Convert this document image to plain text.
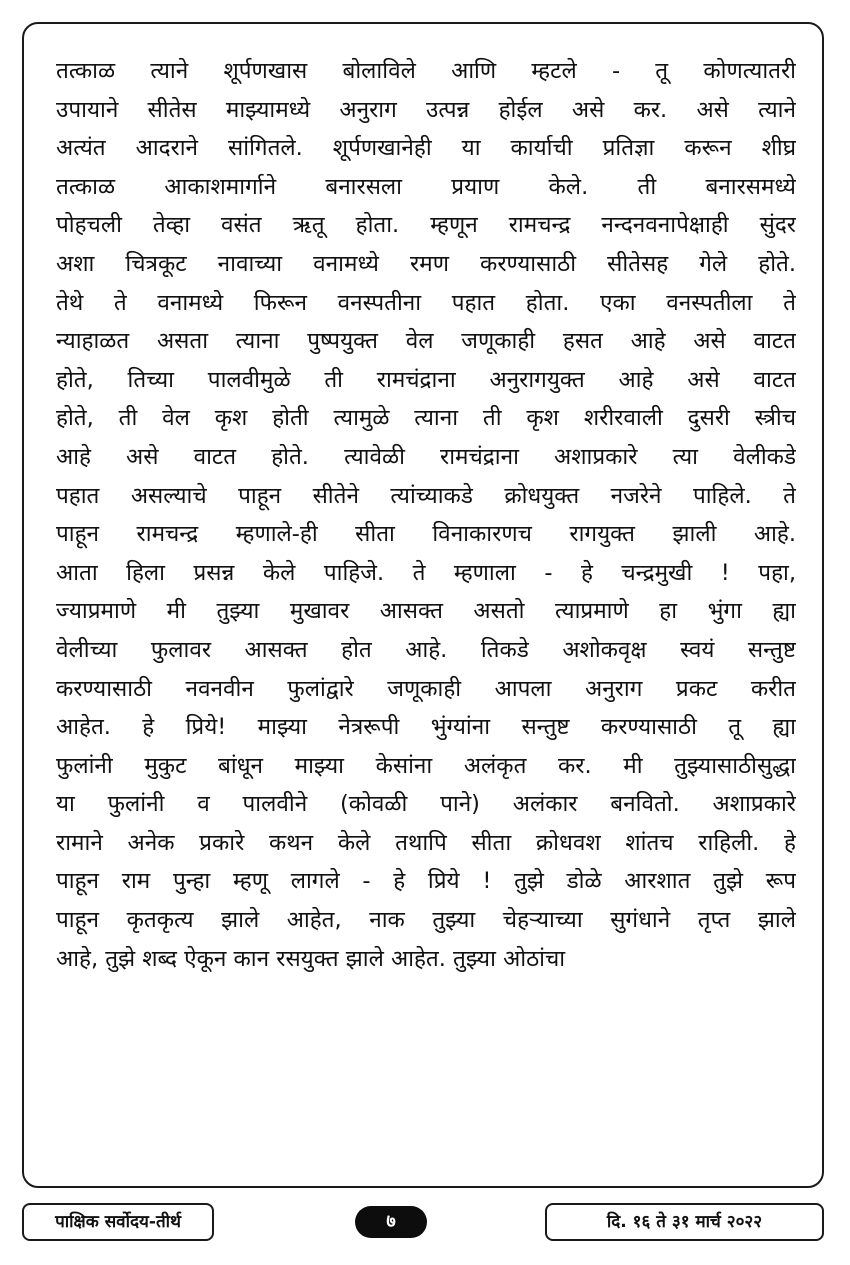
तत्काळ त्याने शूर्पणखास बोलाविले आणि म्हटले - तू कोणत्यातरी
उपायाने सीतेस माझ्यामध्ये अनुराग उत्पन्न होईल असे कर. असे त्याने
अत्यंत आदराने सांगितले. शूर्पणखानेही या कार्याची प्रतिज्ञा करून शीघ्र
तत्काळ आकाशमार्गाने बनारसला प्रयाण केले. ती बनारसमध्ये
पोहचली तेव्हा वसंत ऋतू होता. म्हणून रामचन्द्र नन्दनवनापेक्षाही सुंदर
अशा चित्रकूट नावाच्या वनामध्ये रमण करण्यासाठी सीतेसह गेले होते.
तेथे ते वनामध्ये फिरून वनस्पतीना पहात होता. एका वनस्पतीला ते
न्याहाळत असता त्याना पुष्पयुक्त वेल जणूकाही हसत आहे असे वाटत
होते, तिच्या पालवीमुळे ती रामचंद्राना अनुरागयुक्त आहे असे वाटत
होते, ती वेल कृश होती त्यामुळे त्याना ती कृश शरीरवाली दुसरी स्त्रीच
आहे असे वाटत होते. त्यावेळी रामचंद्राना अशाप्रकारे त्या वेलीकडे
पहात असल्याचे पाहून सीतेने त्यांच्याकडे क्रोधयुक्त नजरेने पाहिले. ते
पाहून रामचन्द्र म्हणाले-ही सीता विनाकारणच रागयुक्त झाली आहे.
आता हिला प्रसन्न केले पाहिजे. ते म्हणाला - हे चन्द्रमुखी ! पहा,
ज्याप्रमाणे मी तुझ्या मुखावर आसक्त असतो त्याप्रमाणे हा भुंगा ह्या
वेलीच्या फुलावर आसक्त होत आहे. तिकडे अशोकवृक्ष स्वयं सन्तुष्ट
करण्यासाठी नवनवीन फुलांद्वारे जणूकाही आपला अनुराग प्रकट करीत
आहेत. हे प्रिये! माझ्या नेत्ररूपी भुंग्यांना सन्तुष्ट करण्यासाठी तू ह्या
फुलांनी मुकुट बांधून माझ्या केसांना अलंकृत कर. मी तुझ्यासाठीसुद्धा
या फुलांनी व पालवीने (कोवळी पाने) अलंकार बनवितो. अशाप्रकारे
रामाने अनेक प्रकारे कथन केले तथापि सीता क्रोधवश शांतच राहिली. हे
पाहून राम पुन्हा म्हणू लागले - हे प्रिये ! तुझे डोळे आरशात तुझे रूप
पाहून कृतकृत्य झाले आहेत, नाक तुझ्या चेहऱ्याच्या सुगंधाने तृप्त झाले
आहे, तुझे शब्द ऐकून कान रसयुक्त झाले आहेत. तुझ्या ओठांचा
पाक्षिक सर्वोदय-तीर्थ	७	दि. १६ ते ३१ मार्च २०२२
